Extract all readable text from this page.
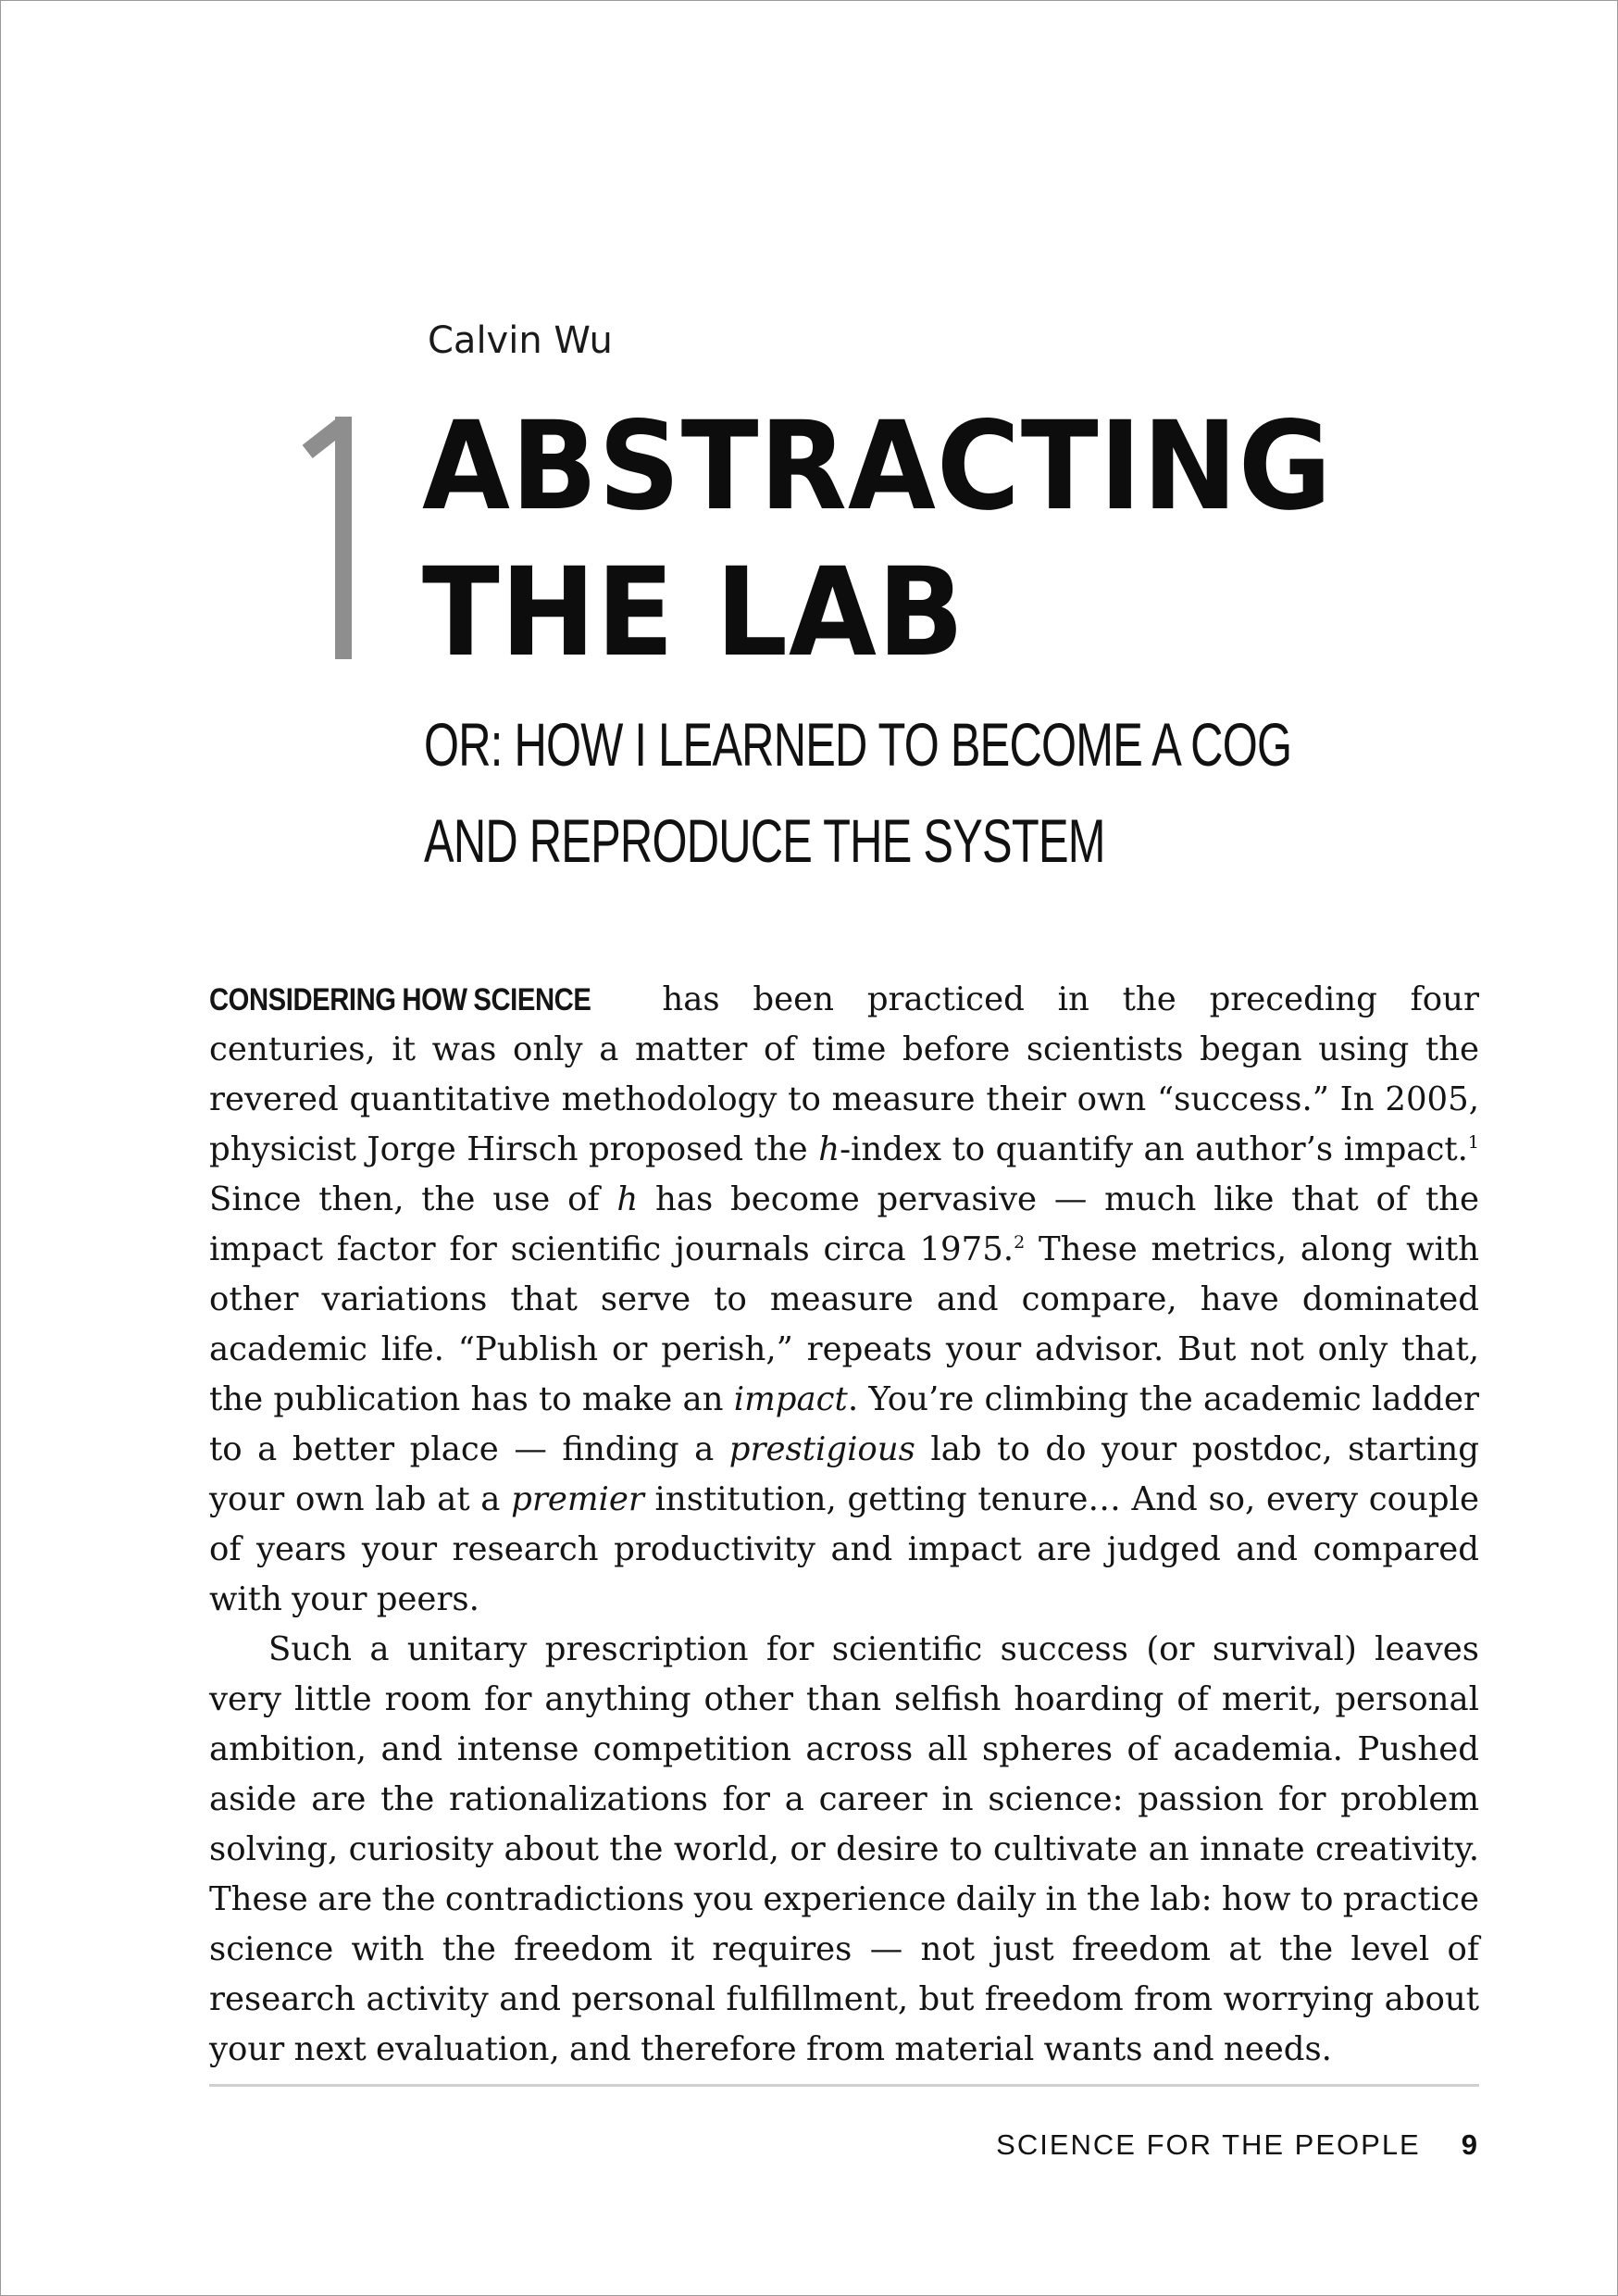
Calvin Wu
ABSTRACTING
THE LAB
OR: HOW I LEARNED TO BECOME A COG
AND REPRODUCE THE SYSTEM

CONSIDERING HOW SCIENCE has been practiced in the preceding four centuries, it was only a matter of time before scientists began using the revered quantitative methodology to measure their own “success.” In 2005, physicist Jorge Hirsch proposed the h-index to quantify an author’s impact.$^1$ Since then, the use of h has become pervasive — much like that of the impact factor for scientific journals circa 1975.$^2$ These metrics, along with other variations that serve to measure and compare, have dominated academic life. “Publish or perish,” repeats your advisor. But not only that, the publication has to make an impact. You’re climbing the academic ladder to a better place — finding a prestigious lab to do your postdoc, starting your own lab at a premier institution, getting tenure… And so, every couple of years your research productivity and impact are judged and compared with your peers.

Such a unitary prescription for scientific success (or survival) leaves very little room for anything other than selfish hoarding of merit, personal ambition, and intense competition across all spheres of academia. Pushed aside are the rationalizations for a career in science: passion for problem solving, curiosity about the world, or desire to cultivate an innate creativity. These are the contradictions you experience daily in the lab: how to practice science with the freedom it requires — not just freedom at the level of research activity and personal fulfillment, but freedom from worrying about your next evaluation, and therefore from material wants and needs.

SCIENCE FOR THE PEOPLE 9
